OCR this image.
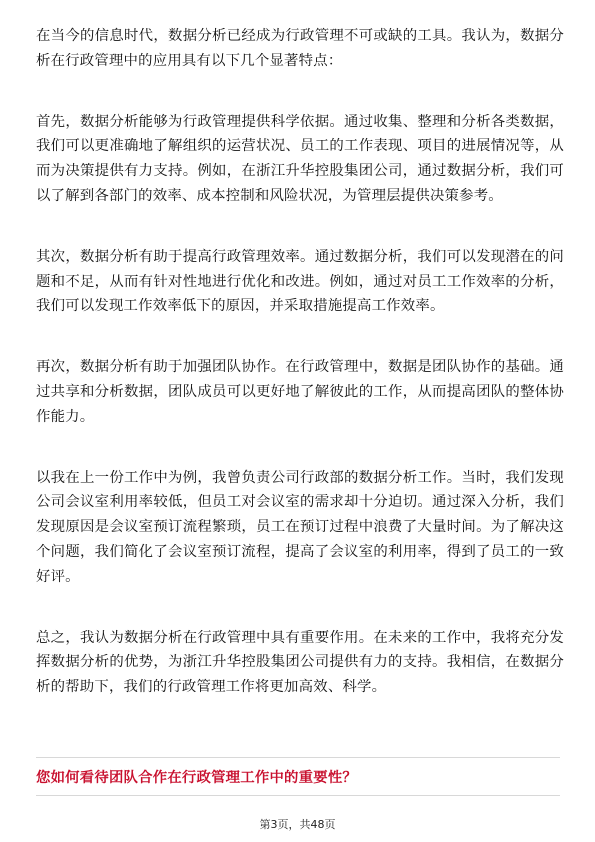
在当今的信息时代，数据分析已经成为行政管理不可或缺的工具。我认为，数据分析在行政管理中的应用具有以下几个显著特点：

首先，数据分析能够为行政管理提供科学依据。通过收集、整理和分析各类数据，我们可以更准确地了解组织的运营状况、员工的工作表现、项目的进展情况等，从而为决策提供有力支持。例如，在浙江升华控股集团公司，通过数据分析，我们可以了解到各部门的效率、成本控制和风险状况，为管理层提供决策参考。

其次，数据分析有助于提高行政管理效率。通过数据分析，我们可以发现潜在的问题和不足，从而有针对性地进行优化和改进。例如，通过对员工工作效率的分析，我们可以发现工作效率低下的原因，并采取措施提高工作效率。

再次，数据分析有助于加强团队协作。在行政管理中，数据是团队协作的基础。通过共享和分析数据，团队成员可以更好地了解彼此的工作，从而提高团队的整体协作能力。

以我在上一份工作中为例，我曾负责公司行政部的数据分析工作。当时，我们发现公司会议室利用率较低，但员工对会议室的需求却十分迫切。通过深入分析，我们发现原因是会议室预订流程繁琐，员工在预订过程中浪费了大量时间。为了解决这个问题，我们简化了会议室预订流程，提高了会议室的利用率，得到了员工的一致好评。

总之，我认为数据分析在行政管理中具有重要作用。在未来的工作中，我将充分发挥数据分析的优势，为浙江升华控股集团公司提供有力的支持。我相信，在数据分析的帮助下，我们的行政管理工作将更加高效、科学。

您如何看待团队合作在行政管理工作中的重要性？

第3页，共48页
